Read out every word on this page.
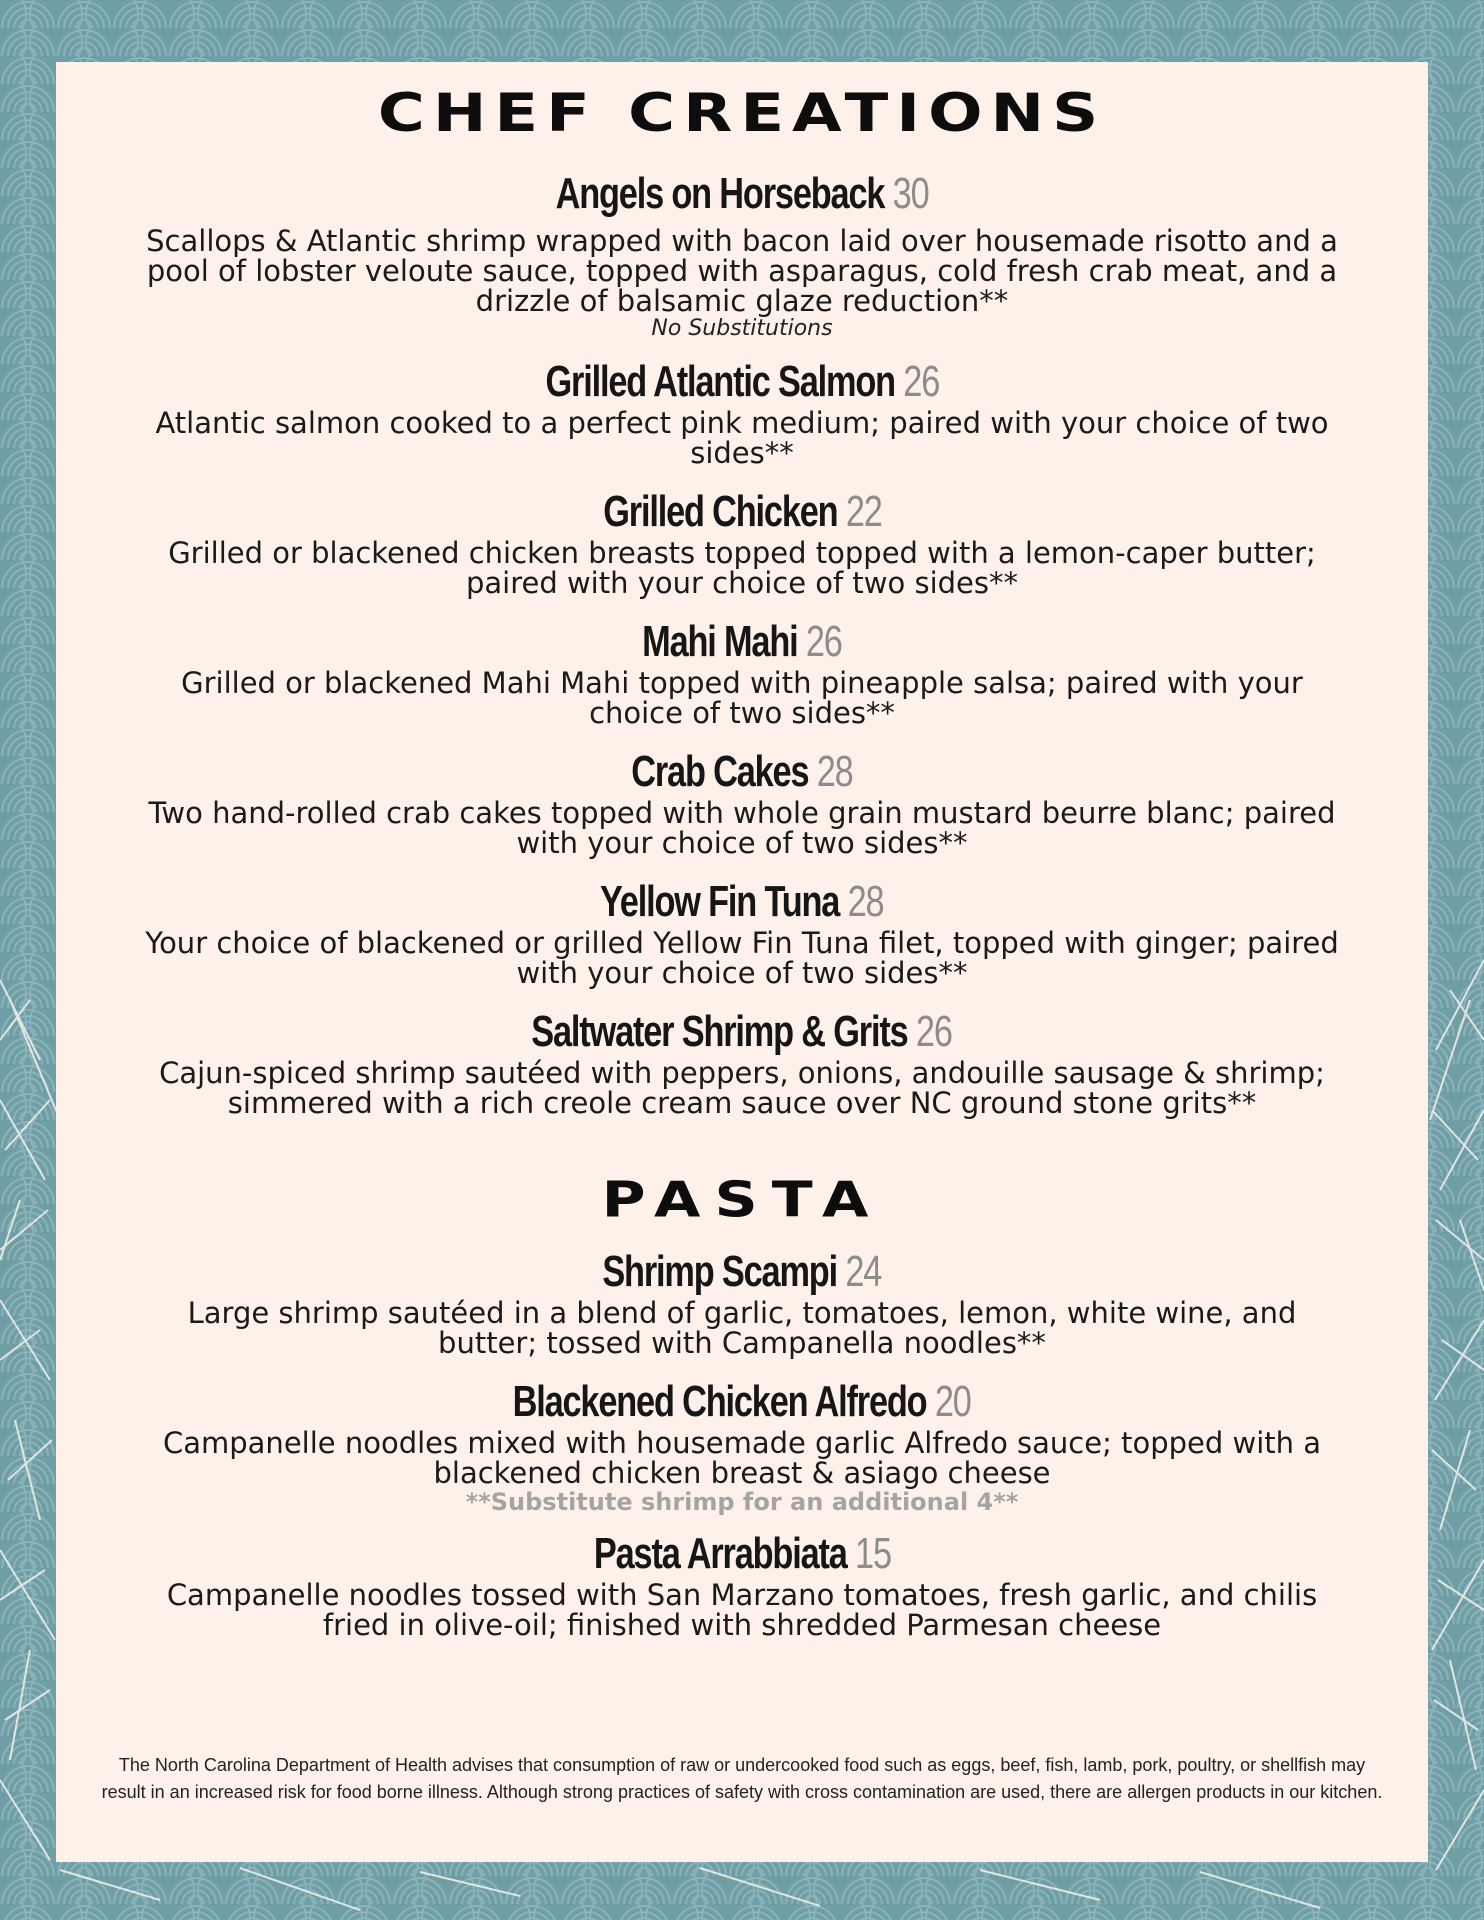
CHEF CREATIONS
Angels on Horseback 30

Scallops & Atlantic shrimp wrapped with bacon laid over housemade risotto and a pool of lobster veloute sauce, topped with asparagus, cold fresh crab meat, and a drizzle of balsamic glaze reduction**

No Substitutions

Grilled Atlantic Salmon 26

Atlantic salmon cooked to a perfect pink medium; paired with your choice of two sides**

Grilled Chicken 22

Grilled or blackened chicken breasts topped topped with a lemon-caper butter; paired with your choice of two sides**

Mahi Mahi 26

Grilled or blackened Mahi Mahi topped with pineapple salsa; paired with your choice of two sides**

Crab Cakes 28

Two hand-rolled crab cakes topped with whole grain mustard beurre blanc; paired with your choice of two sides**

Yellow Fin Tuna 28

Your choice of blackened or grilled Yellow Fin Tuna filet, topped with ginger; paired with your choice of two sides**

Saltwater Shrimp & Grits 26

Cajun-spiced shrimp sautéed with peppers, onions, andouille sausage & shrimp; simmered with a rich creole cream sauce over NC ground stone grits**

PASTA
Shrimp Scampi 24

Large shrimp sautéed in a blend of garlic, tomatoes, lemon, white wine, and butter; tossed with Campanella noodles**

Blackened Chicken Alfredo 20

Campanelle noodles mixed with housemade garlic Alfredo sauce; topped with a blackened chicken breast & asiago cheese

**Substitute shrimp for an additional 4**

Pasta Arrabbiata 15

Campanelle noodles tossed with San Marzano tomatoes, fresh garlic, and chilis fried in olive-oil; finished with shredded Parmesan cheese

The North Carolina Department of Health advises that consumption of raw or undercooked food such as eggs, beef, fish, lamb, pork, poultry, or shellfish may result in an increased risk for food borne illness. Although strong practices of safety with cross contamination are used, there are allergen products in our kitchen.
